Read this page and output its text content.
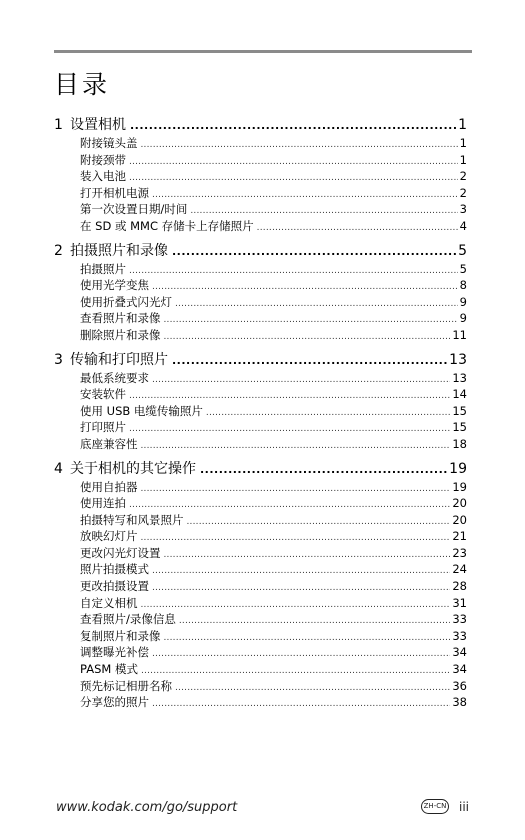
目录
1 设置相机 .....	1
附接镜头盖 .....	1
附接颈带 .....	1
装入电池 .....	2
打开相机电源 .....	2
第一次设置日期/时间 .....	3
在 SD 或 MMC 存储卡上存储照片 .....	4
2 拍摄照片和录像 .....	5
拍摄照片 .....	5
使用光学变焦 .....	8
使用折叠式闪光灯 .....	9
查看照片和录像 .....	9
删除照片和录像 .....	11
3 传输和打印照片 .....	13
最低系统要求 .....	13
安装软件 .....	14
使用 USB 电缆传输照片 .....	15
打印照片 .....	15
底座兼容性 .....	18
4 关于相机的其它操作 .....	19
使用自拍器 .....	19
使用连拍 .....	20
拍摄特写和风景照片 .....	20
放映幻灯片 .....	21
更改闪光灯设置 .....	23
照片拍摄模式 .....	24
更改拍摄设置 .....	28
自定义相机 .....	31
查看照片/录像信息 .....	33
复制照片和录像 .....	33
调整曝光补偿 .....	34
PASM 模式 .....	34
预先标记相册名称 .....	36
分享您的照片 .....	38
www.kodak.com/go/support	ZH-CN iii
